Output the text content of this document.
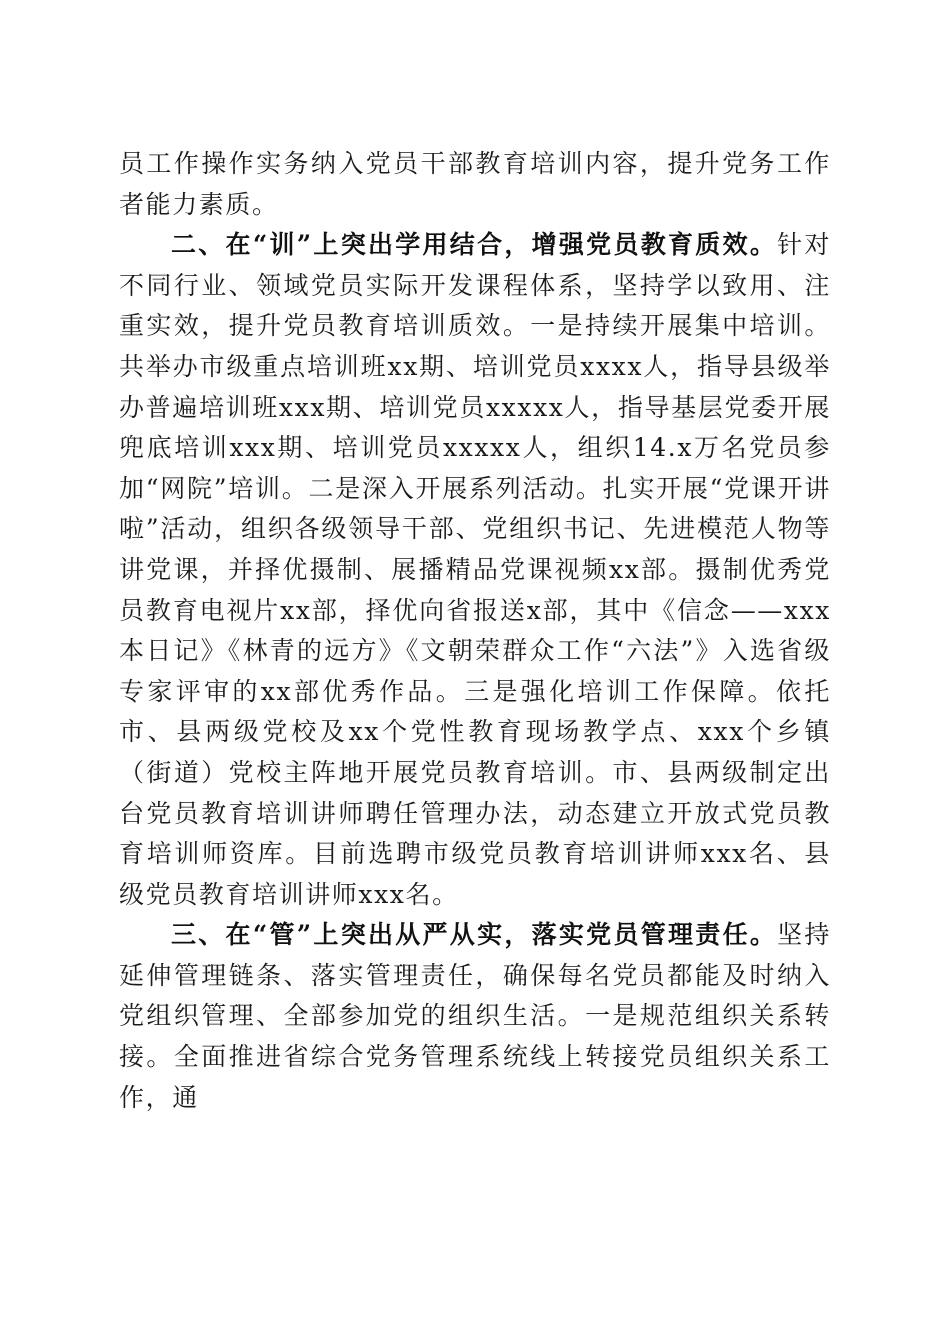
员工作操作实务纳入党员干部教育培训内容，提升党务工作者能力素质。

二、在“训”上突出学用结合，增强党员教育质效。针对不同行业、领域党员实际开发课程体系，坚持学以致用、注重实效，提升党员教育培训质效。一是持续开展集中培训。共举办市级重点培训班xx期、培训党员xxxx人，指导县级举办普遍培训班xxx期、培训党员xxxxx人，指导基层党委开展兜底培训xxx期、培训党员xxxxx人，组织14.x万名党员参加“网院”培训。二是深入开展系列活动。扎实开展“党课开讲啦”活动，组织各级领导干部、党组织书记、先进模范人物等讲党课，并择优摄制、展播精品党课视频xx部。摄制优秀党员教育电视片xx部，择优向省报送x部，其中《信念——xxx本日记》《林青的远方》《文朝荣群众工作“六法”》入选省级专家评审的xx部优秀作品。三是强化培训工作保障。依托市、县两级党校及xx个党性教育现场教学点、xxx个乡镇（街道）党校主阵地开展党员教育培训。市、县两级制定出台党员教育培训讲师聘任管理办法，动态建立开放式党员教育培训师资库。目前选聘市级党员教育培训讲师xxx名、县级党员教育培训讲师xxx名。

三、在“管”上突出从严从实，落实党员管理责任。坚持延伸管理链条、落实管理责任，确保每名党员都能及时纳入党组织管理、全部参加党的组织生活。一是规范组织关系转接。全面推进省综合党务管理系统线上转接党员组织关系工作，通
